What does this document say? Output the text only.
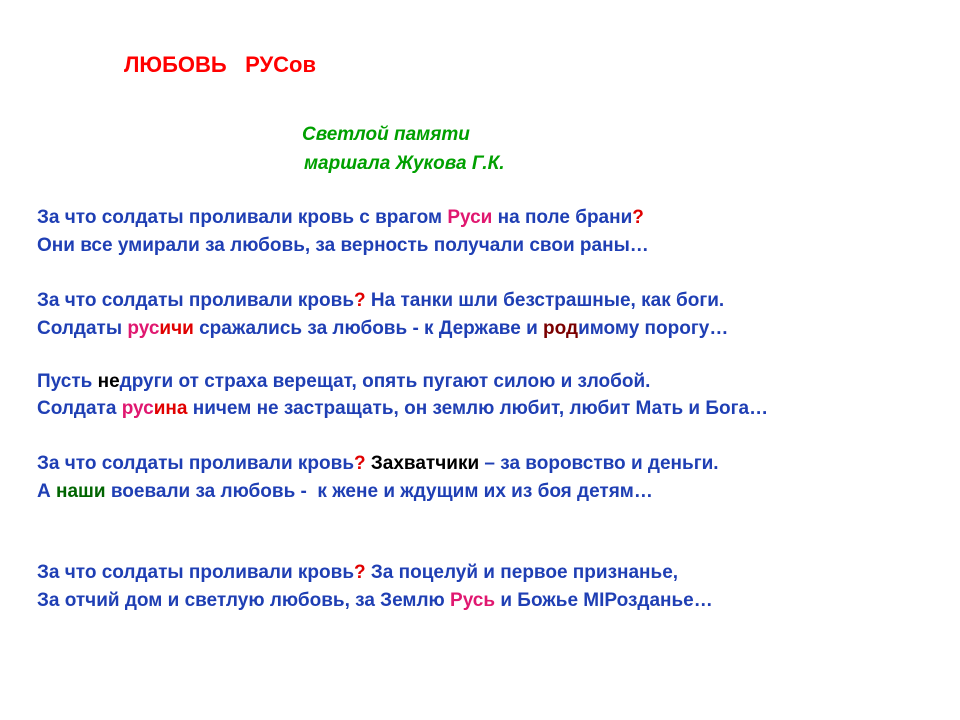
ЛЮБОВЬ   РУСов
Светлой памяти
маршала Жукова Г.К.
За что солдаты проливали кровь с врагом Руси на поле брани?
Они все умирали за любовь, за верность получали свои раны…
За что солдаты проливали кровь? На танки шли безстрашные, как боги.
Солдаты русичи сражались за любовь - к Державе и родимому порогу…
Пусть недруги от страха верещат, опять пугают силою и злобой.
Солдата русина ничем не застращать, он землю любит, любит Мать и Бога…
За что солдаты проливали кровь? Захватчики – за воровство и деньги.
А наши воевали за любовь -  к жене и ждущим их из боя детям…
За что солдаты проливали кровь? За поцелуй и первое признанье,
За отчий дом и светлую любовь, за Землю Русь и Божье МIРозданье…
